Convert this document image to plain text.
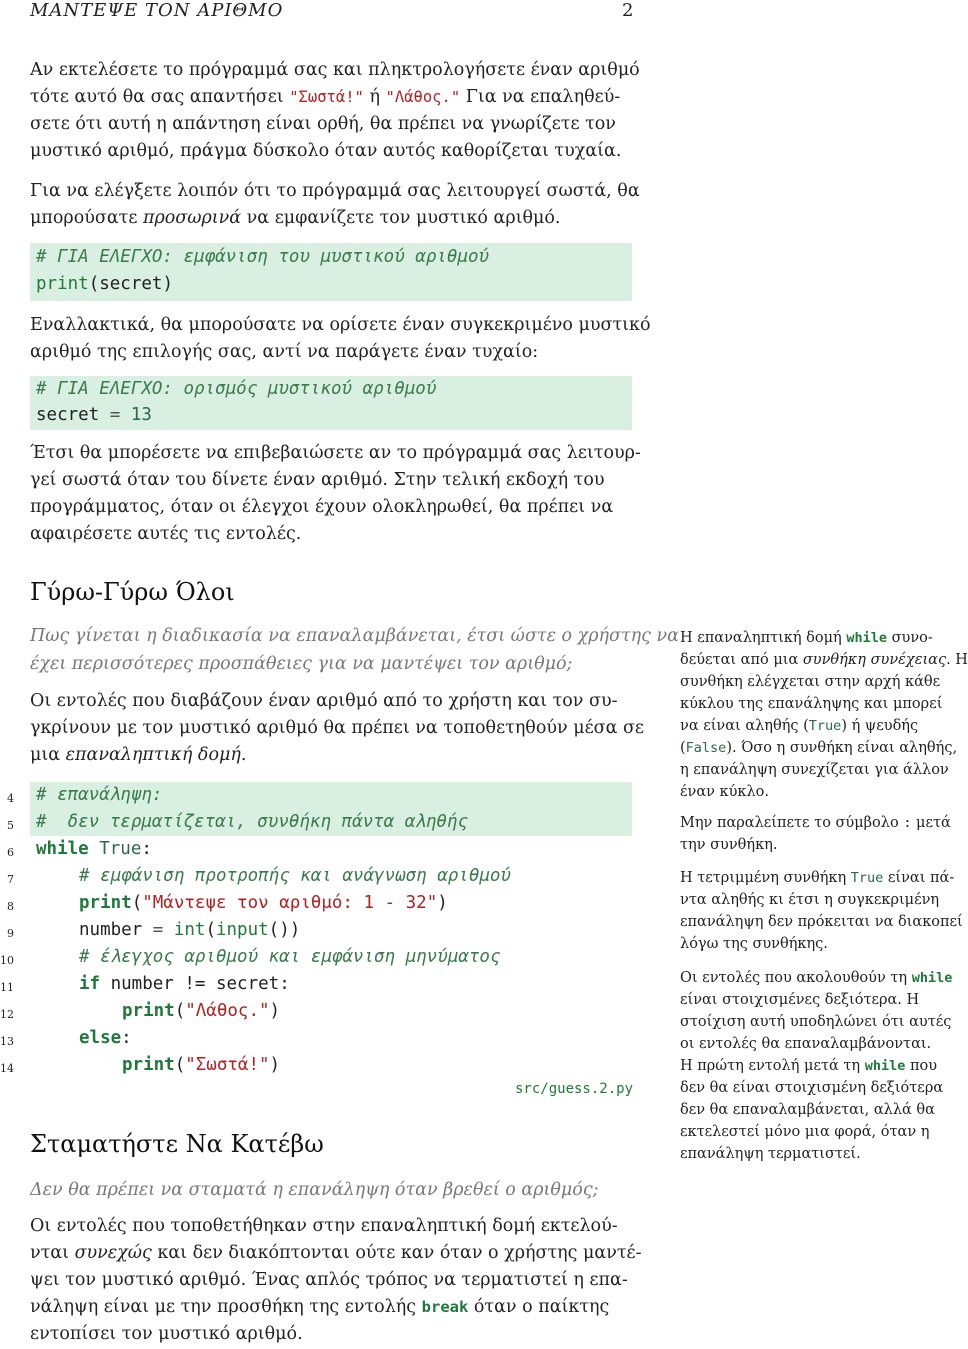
ΜΑΝΤΕΨΕ ΤΟΝ ΑΡΙΘΜΟ	2
Αν εκτελέσετε το πρόγραμμά σας και πληκτρολογήσετε έναν αριθμό
τότε αυτό θα σας απαντήσει "Σωστά!" ή "Λάθος." Για να επαληθεύ-
σετε ότι αυτή η απάντηση είναι ορθή, θα πρέπει να γνωρίζετε τον
μυστικό αριθμό, πράγμα δύσκολο όταν αυτός καθορίζεται τυχαία.
Για να ελέγξετε λοιπόν ότι το πρόγραμμά σας λειτουργεί σωστά, θα
μπορούσατε προσωρινά να εμφανίζετε τον μυστικό αριθμό.
# ΓΙΑ ΕΛΕΓΧΟ: εμφάνιση του μυστικού αριθμού
print(secret)
Εναλλακτικά, θα μπορούσατε να ορίσετε έναν συγκεκριμένο μυστικό
αριθμό της επιλογής σας, αντί να παράγετε έναν τυχαίο:
# ΓΙΑ ΕΛΕΓΧΟ: ορισμός μυστικού αριθμού
secret = 13
Έτσι θα μπορέσετε να επιβεβαιώσετε αν το πρόγραμμά σας λειτουρ-
γεί σωστά όταν του δίνετε έναν αριθμό. Στην τελική εκδοχή του
προγράμματος, όταν οι έλεγχοι έχουν ολοκληρωθεί, θα πρέπει να
αφαιρέσετε αυτές τις εντολές.
Γύρω-Γύρω Όλοι
Πως γίνεται η διαδικασία να επαναλαμβάνεται, έτσι ώστε ο χρήστης να
έχει περισσότερες προσπάθειες για να μαντέψει τον αριθμό;
Οι εντολές που διαβάζουν έναν αριθμό από το χρήστη και τον συ-
γκρίνουν με τον μυστικό αριθμό θα πρέπει να τοποθετηθούν μέσα σε
μια επαναληπτική δομή.
4
5
6
7
8
9
10
11
12
13
14

# επανάληψη:

#  δεν τερματίζεται, συνθήκη πάντα αληθής

while True:

# εμφάνιση προτροπής και ανάγνωση αριθμού

print("Μάντεψε τον αριθμό: 1 - 32")

number = int(input())

# έλεγχος αριθμού και εμφάνιση μηνύματος

if number != secret:

print("Λάθος.")

else:

print("Σωστά!")

src/guess.2.py
Σταματήστε Να Κατέβω
Δεν θα πρέπει να σταματά η επανάληψη όταν βρεθεί ο αριθμός;
Οι εντολές που τοποθετήθηκαν στην επαναληπτική δομή εκτελού-
νται συνεχώς και δεν διακόπτονται ούτε καν όταν ο χρήστης μαντέ-
ψει τον μυστικό αριθμό. Ένας απλός τρόπος να τερματιστεί η επα-
νάληψη είναι με την προσθήκη της εντολής break όταν ο παίκτης
εντοπίσει τον μυστικό αριθμό.
Η επαναληπτική δομή while συνο-
δεύεται από μια συνθήκη συνέχειας. Η
συνθήκη ελέγχεται στην αρχή κάθε
κύκλου της επανάληψης και μπορεί
να είναι αληθής (True) ή ψευδής
(False). Όσο η συνθήκη είναι αληθής,
η επανάληψη συνεχίζεται για άλλον
έναν κύκλο.
Μην παραλείπετε το σύμβολο : μετά
την συνθήκη.
Η τετριμμένη συνθήκη True είναι πά-
ντα αληθής κι έτσι η συγκεκριμένη
επανάληψη δεν πρόκειται να διακοπεί
λόγω της συνθήκης.
Οι εντολές που ακολουθούν τη while
είναι στοιχισμένες δεξιότερα. Η
στοίχιση αυτή υποδηλώνει ότι αυτές
οι εντολές θα επαναλαμβάνονται.
Η πρώτη εντολή μετά τη while που
δεν θα είναι στοιχισμένη δεξιότερα
δεν θα επαναλαμβάνεται, αλλά θα
εκτελεστεί μόνο μια φορά, όταν η
επανάληψη τερματιστεί.
